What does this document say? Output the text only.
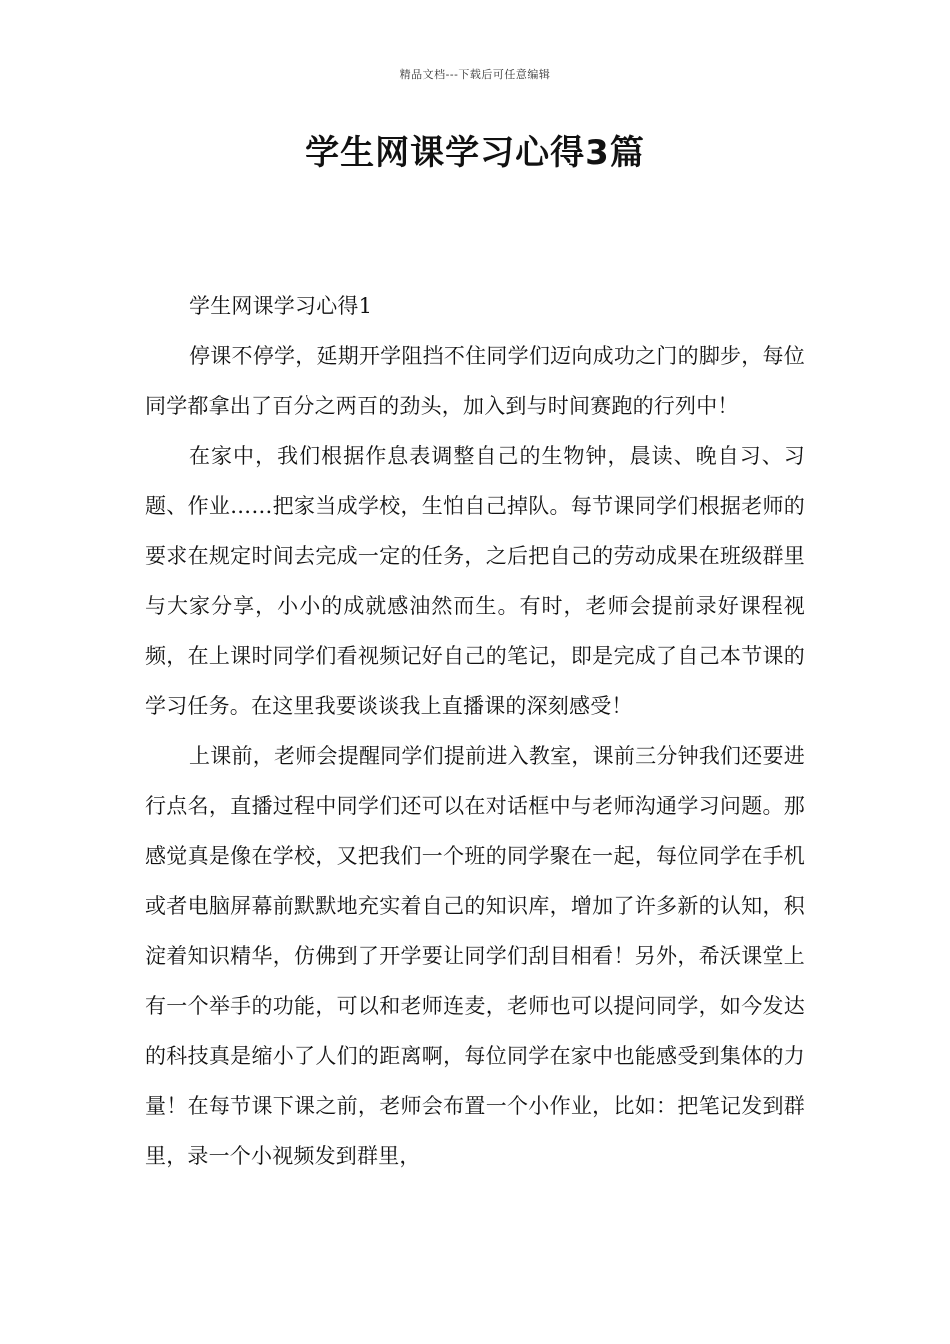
精品文档---下载后可任意编辑
学生网课学习心得3篇

学生网课学习心得1

停课不停学，延期开学阻挡不住同学们迈向成功之门的脚步，每位同学都拿出了百分之两百的劲头，加入到与时间赛跑的行列中！

在家中，我们根据作息表调整自己的生物钟，晨读、晚自习、习题、作业……把家当成学校，生怕自己掉队。每节课同学们根据老师的要求在规定时间去完成一定的任务，之后把自己的劳动成果在班级群里与大家分享，小小的成就感油然而生。有时，老师会提前录好课程视频，在上课时同学们看视频记好自己的笔记，即是完成了自己本节课的学习任务。在这里我要谈谈我上直播课的深刻感受！

上课前，老师会提醒同学们提前进入教室，课前三分钟我们还要进行点名，直播过程中同学们还可以在对话框中与老师沟通学习问题。那感觉真是像在学校，又把我们一个班的同学聚在一起，每位同学在手机或者电脑屏幕前默默地充实着自己的知识库，增加了许多新的认知，积淀着知识精华，仿佛到了开学要让同学们刮目相看！另外，希沃课堂上有一个举手的功能，可以和老师连麦，老师也可以提问同学，如今发达的科技真是缩小了人们的距离啊，每位同学在家中也能感受到集体的力量！在每节课下课之前，老师会布置一个小作业，比如：把笔记发到群里，录一个小视频发到群里，
